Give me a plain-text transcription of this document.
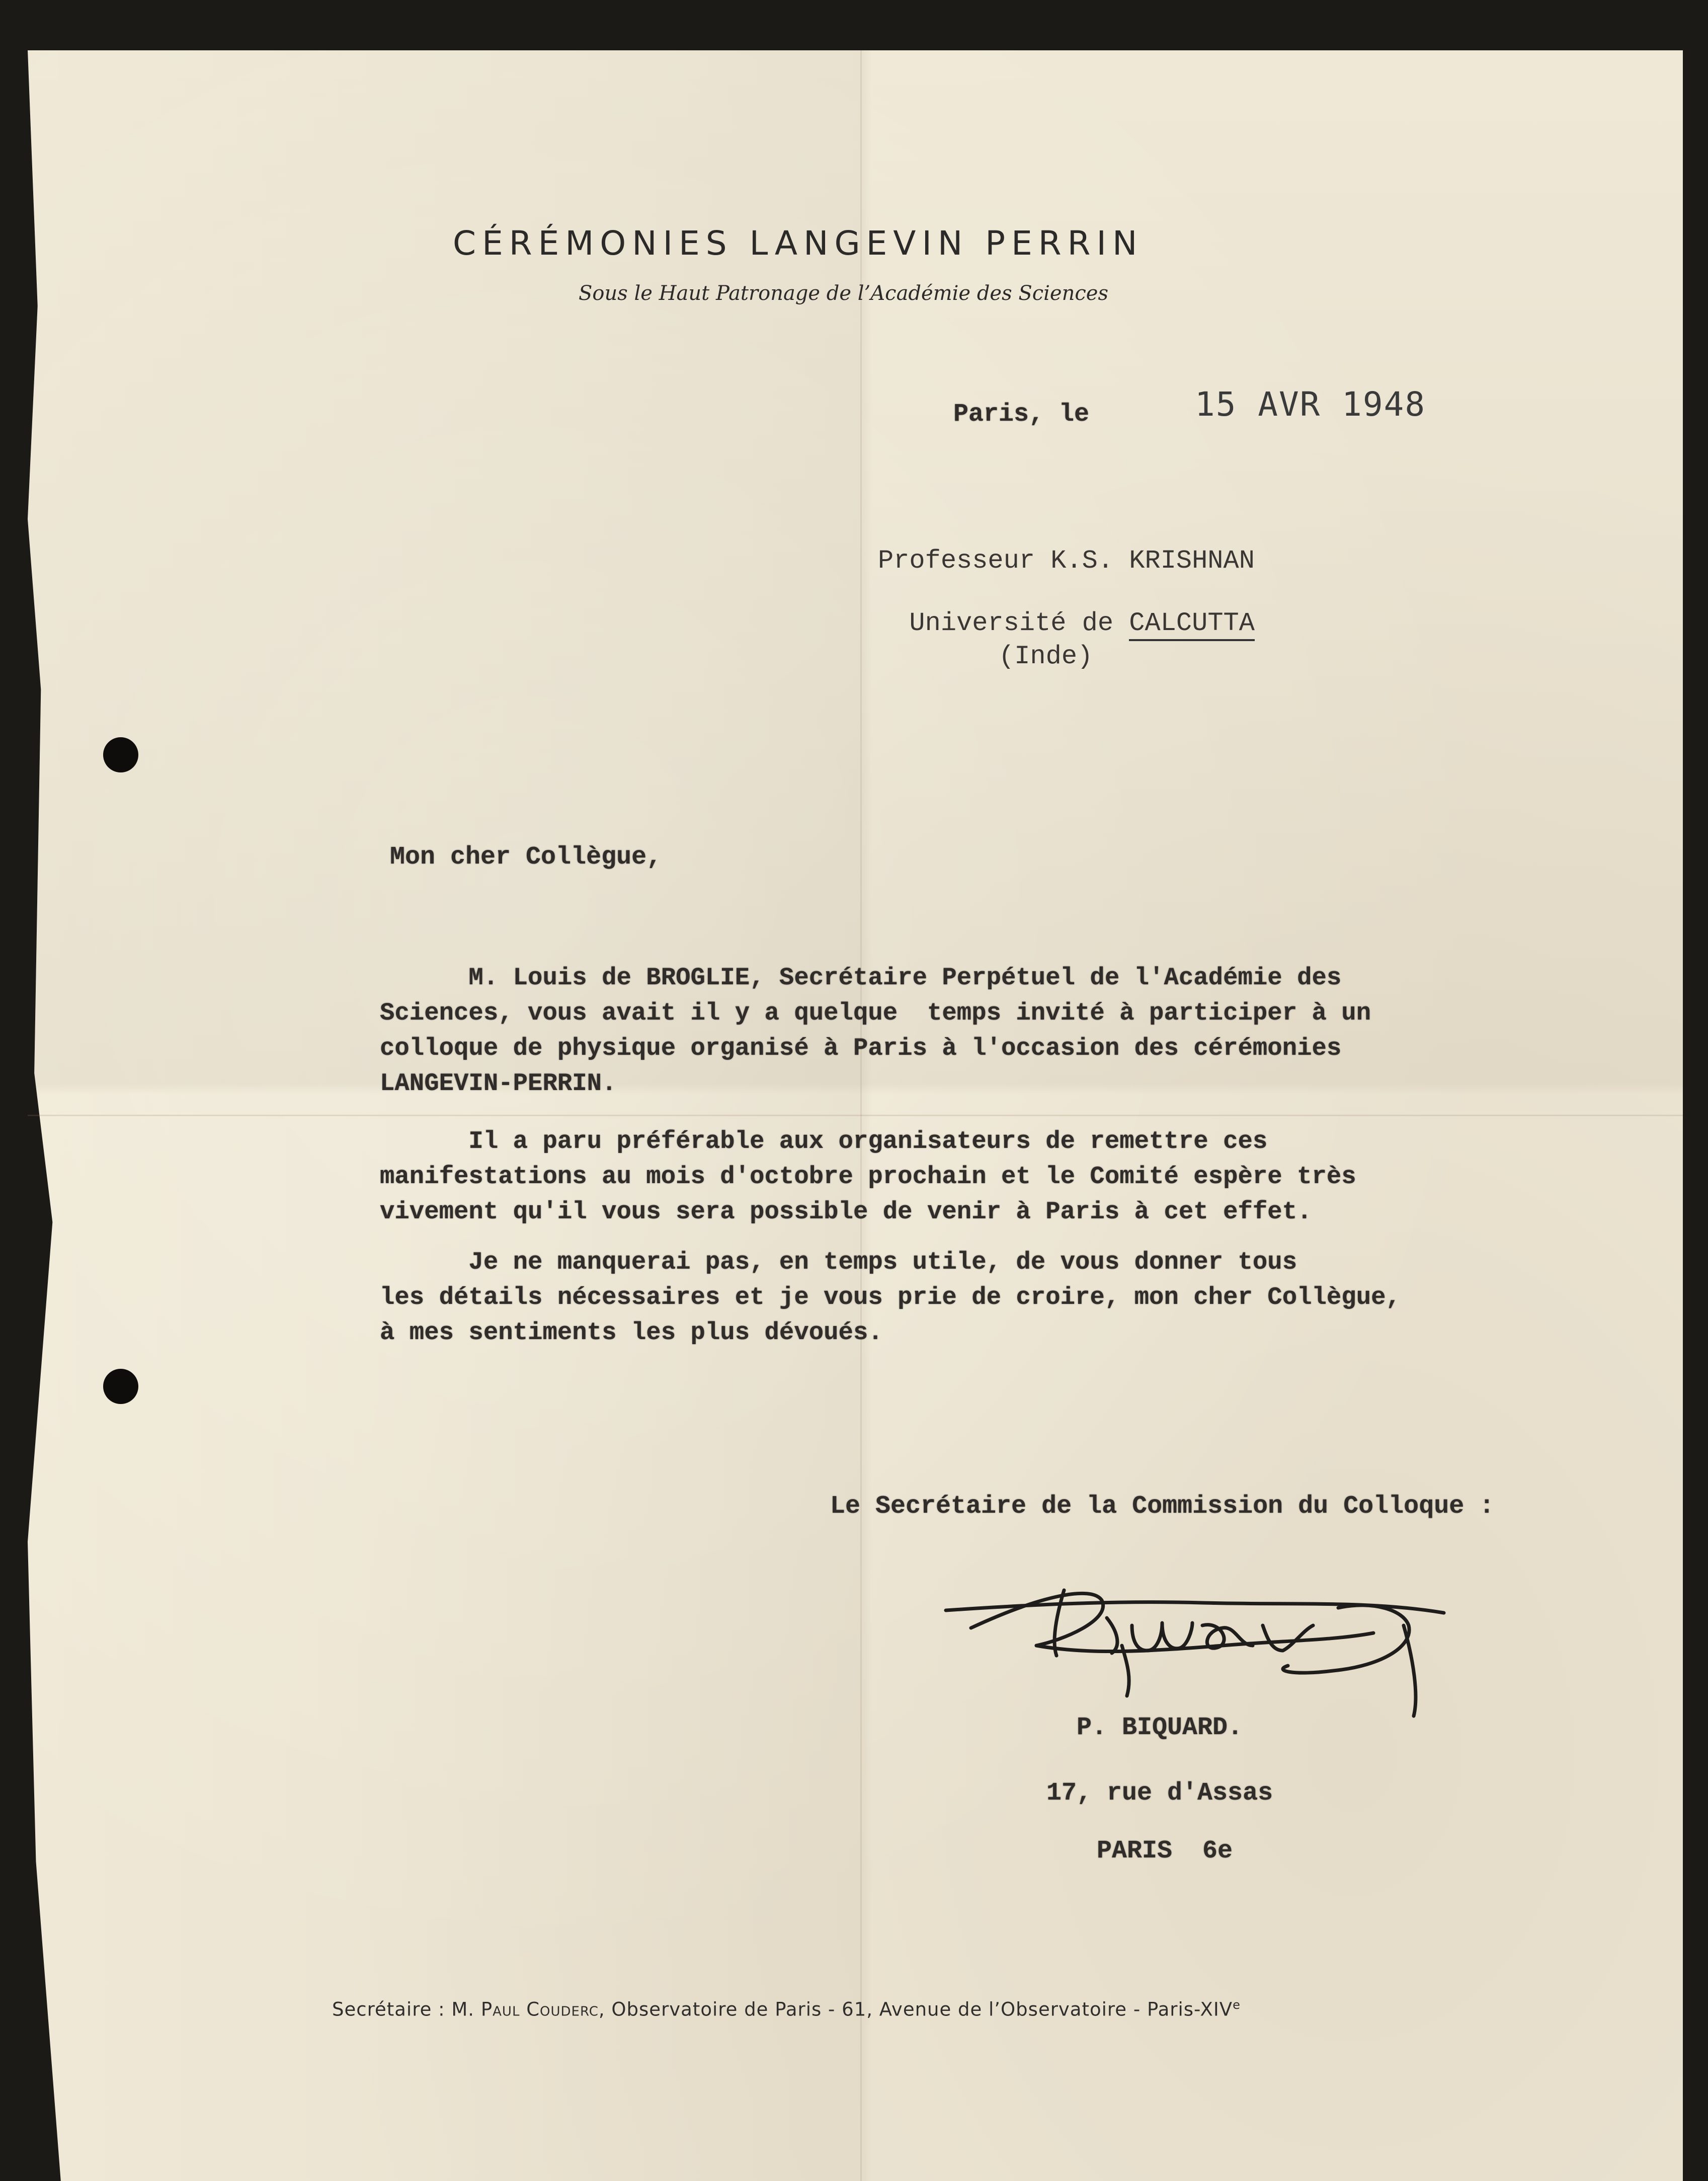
CÉRÉMONIES LANGEVIN PERRIN
Sous le Haut Patronage de l’Académie des Sciences
Paris, le	15 AVR 1948
Professeur K.S. KRISHNAN

Université de CALCUTTA

(Inde)
Mon cher Collègue,
M. Louis de BROGLIE, Secrétaire Perpétuel de l'Académie des
Sciences, vous avait il y a quelque  temps invité à participer à un
colloque de physique organisé à Paris à l'occasion des cérémonies
LANGEVIN-PERRIN.
Il a paru préférable aux organisateurs de remettre ces
manifestations au mois d'octobre prochain et le Comité espère très
vivement qu'il vous sera possible de venir à Paris à cet effet.
Je ne manquerai pas, en temps utile, de vous donner tous
les détails nécessaires et je vous prie de croire, mon cher Collègue,
à mes sentiments les plus dévoués.
Le Secrétaire de la Commission du Colloque :
P. BIQUARD.
17, rue d'Assas
PARIS  6e
Secrétaire : M. Paul Couderc, Observatoire de Paris - 61, Avenue de l’Observatoire - Paris-XIVe
